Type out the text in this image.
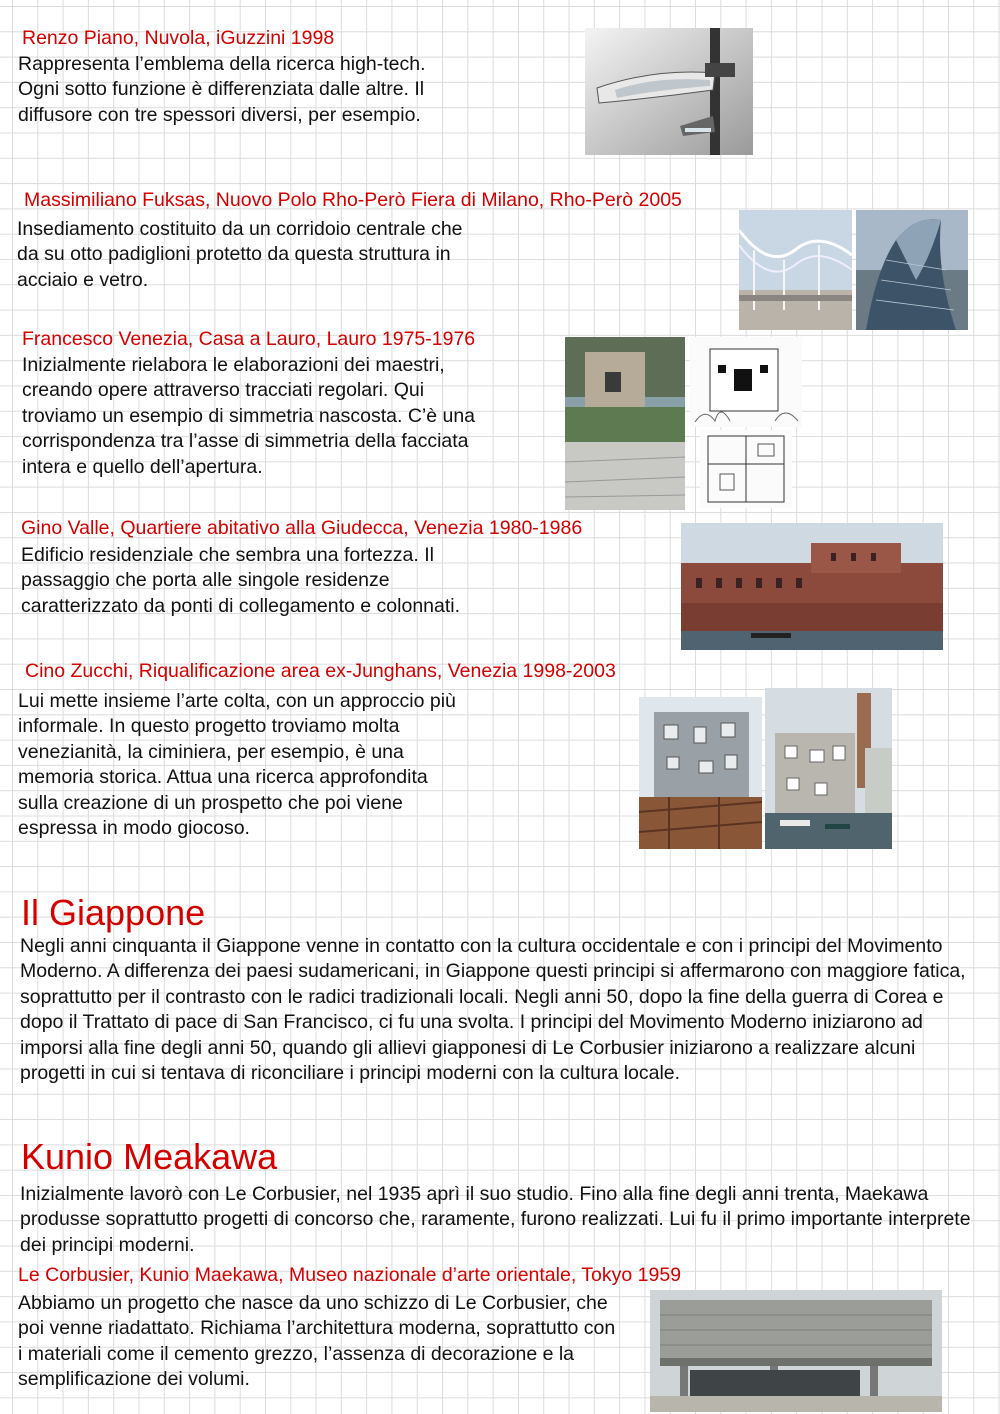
Renzo Piano, Nuvola, iGuzzini 1998
Rappresenta l’emblema della ricerca high-tech. Ogni sotto funzione è differenziata dalle altre. Il diffusore con tre spessori diversi, per esempio.
Massimiliano Fuksas, Nuovo Polo Rho-Però Fiera di Milano, Rho-Però 2005
Insediamento costituito da un corridoio centrale che da su otto padiglioni protetto da questa struttura in acciaio e vetro.
Francesco Venezia, Casa a Lauro, Lauro 1975-1976
Inizialmente rielabora le elaborazioni dei maestri, creando opere attraverso tracciati regolari. Qui troviamo un esempio di simmetria nascosta. C’è una corrispondenza tra l’asse di simmetria della facciata intera e quello dell’apertura.
Gino Valle, Quartiere abitativo alla Giudecca, Venezia 1980-1986
Edificio residenziale che sembra una fortezza. Il passaggio che porta alle singole residenze caratterizzato da ponti di collegamento e colonnati.
Cino Zucchi, Riqualificazione area ex-Junghans, Venezia 1998-2003
Lui mette insieme l’arte colta, con un approccio più informale. In questo progetto troviamo molta venezianità, la ciminiera, per esempio, è una memoria storica. Attua una ricerca approfondita sulla creazione di un prospetto che poi viene espressa in modo giocoso.
Il Giappone
Negli anni cinquanta il Giappone venne in contatto con la cultura occidentale e con i principi del Movimento Moderno. A differenza dei paesi sudamericani, in Giappone questi principi si affermarono con maggiore fatica, soprattutto per il contrasto con le radici tradizionali locali. Negli anni 50, dopo la fine della guerra di Corea e dopo il Trattato di pace di San Francisco, ci fu una svolta. I principi del Movimento Moderno iniziarono ad imporsi alla fine degli anni 50, quando gli allievi giapponesi di Le Corbusier iniziarono a realizzare alcuni progetti in cui si tentava di riconciliare i principi moderni con la cultura locale.
Kunio Meakawa
Inizialmente lavorò con Le Corbusier, nel 1935 aprì il suo studio. Fino alla fine degli anni trenta, Maekawa produsse soprattutto progetti di concorso che, raramente, furono realizzati. Lui fu il primo importante interprete dei principi moderni.
Le Corbusier, Kunio Maekawa, Museo nazionale d’arte orientale, Tokyo 1959
Abbiamo un progetto che nasce da uno schizzo di Le Corbusier, che poi venne riadattato. Richiama l’architettura moderna, soprattutto con i materiali come il cemento grezzo, l’assenza di decorazione e la semplificazione dei volumi.
